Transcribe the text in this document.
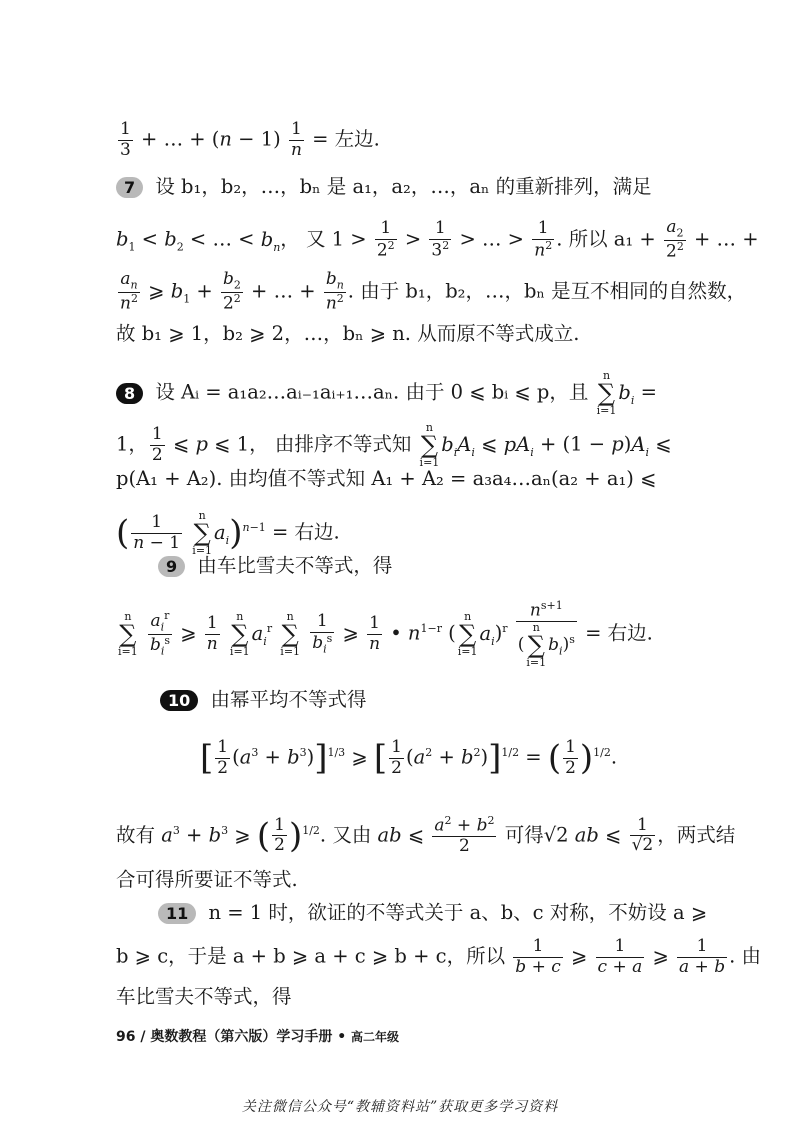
$\frac{1}{3}$ + … + $(n - 1) \frac{1}{n}$ = 左边.
7 设 b₁，b₂，…，bₙ 是 a₁，a₂，…，aₙ 的重新排列，满足
$b_1 < b_2$ < … < $b_n$， 又 $1 > \frac{1}{2^2} > \frac{1}{3^2}$ > … > $\frac{1}{n^2}$ . 所以 $a_1 + \frac{a_2}{2^2}$ + … +
$\frac{a_n}{n^2}$ ⩾ $b_1 + \frac{b_2}{2^2}$ + … + $\frac{b_n}{n^2}$ . 由于 b₁，b₂，…，bₙ 是互不相同的自然数，
故 b₁ ⩾ 1，b₂ ⩾ 2，…，bₙ ⩾ n. 从而原不等式成立.
8 设 Aᵢ = a₁a₂…aᵢ₋₁aᵢ₊₁…aₙ. 由于 0 ⩽ bᵢ ⩽ p，且 n
∑
$i=1b_i$ =
1， $\frac{1}{2}$ ⩽ p ⩽ 1， 由排序不等式知 n
∑
$i=1b_iA_i$ ⩽ $pA_i + (1 - p)A_i$ ⩽
p(A₁ + A₂). 由均值不等式知 A₁ + A₂ = a₃a₄…aₙ(a₂ + a₁) ⩽
( $\frac{1}{n - 1}$ n
∑
$i=1a_i)^{n-1}$ = 右边.
9 由车比雪夫不等式，得
n
∑
$i=1 \frac{a_i^r}{b_i^s}$ ⩾ $\frac{1}{n}$ n
∑
$i=1a_i^r$ n
∑
$i=1 \frac{1}{b_i^s}$ ⩾ $\frac{1}{n}$ • $n^{1-r}$ (n
∑
$i=1a_i)^r$ $n^{s+1}$
(n
∑
$i=1b_i)^s$ = 右边.
10 由幂平均不等式得
[ $\frac{1}{2} (a^3 + b^3)]^{1/3}$ ⩾ [ $\frac{1}{2} (a^2 + b^2)]^{1/2}$ = ( $\frac{1}{2} )^{1/2}$.
故有 $a^3 + b^3$ ⩾ ( $\frac{1}{2} )^{1/2}$. 又由 ab ⩽ $\frac{a^2 + b^2}{2}$ 可得√2 ab ⩽ $\frac{1}{√2}$ ，两式结
合可得所要证不等式.
11 n = 1 时，欲证的不等式关于 a、b、c 对称，不妨设 a ⩾
b ⩾ c，于是 a + b ⩾ a + c ⩾ b + c，所以 $\frac{1}{b + c}$ ⩾ $\frac{1}{c + a}$ ⩾ $\frac{1}{a + b}$ . 由
车比雪夫不等式，得
96 / 奥数教程（第六版）学习手册 • 高二年级
关注微信公众号“教辅资料站”获取更多学习资料
